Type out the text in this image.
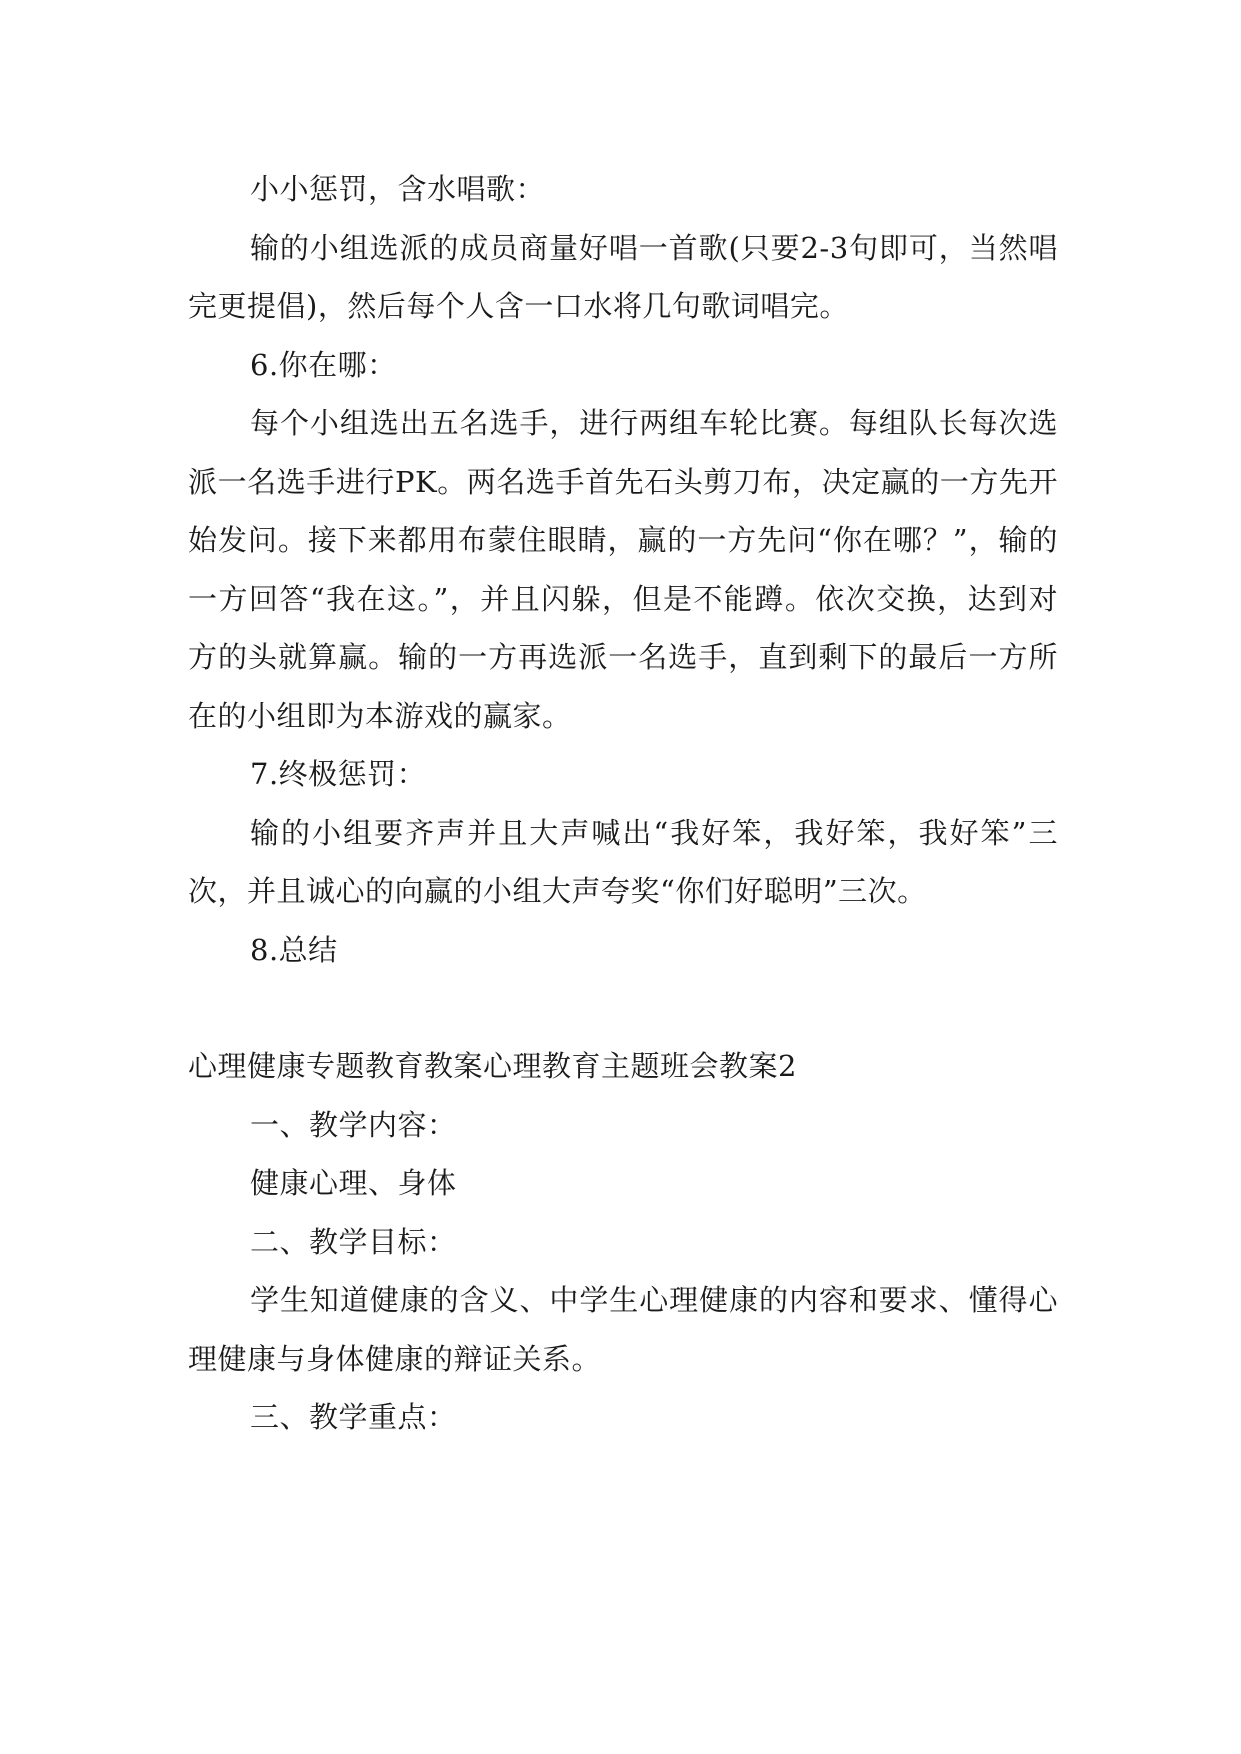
小小惩罚，含水唱歌：

输的小组选派的成员商量好唱一首歌(只要2-3句即可，当然唱完更提倡)，然后每个人含一口水将几句歌词唱完。

6.你在哪：

每个小组选出五名选手，进行两组车轮比赛。每组队长每次选派一名选手进行PK。两名选手首先石头剪刀布，决定赢的一方先开始发问。接下来都用布蒙住眼睛，赢的一方先问“你在哪？”，输的一方回答“我在这。”，并且闪躲，但是不能蹲。依次交换，达到对方的头就算赢。输的一方再选派一名选手，直到剩下的最后一方所在的小组即为本游戏的赢家。

7.终极惩罚：

输的小组要齐声并且大声喊出“我好笨，我好笨，我好笨”三次，并且诚心的向赢的小组大声夸奖“你们好聪明”三次。

8.总结

心理健康专题教育教案心理教育主题班会教案2

一、教学内容：

健康心理、身体

二、教学目标：

学生知道健康的含义、中学生心理健康的内容和要求、懂得心理健康与身体健康的辩证关系。

三、教学重点：
